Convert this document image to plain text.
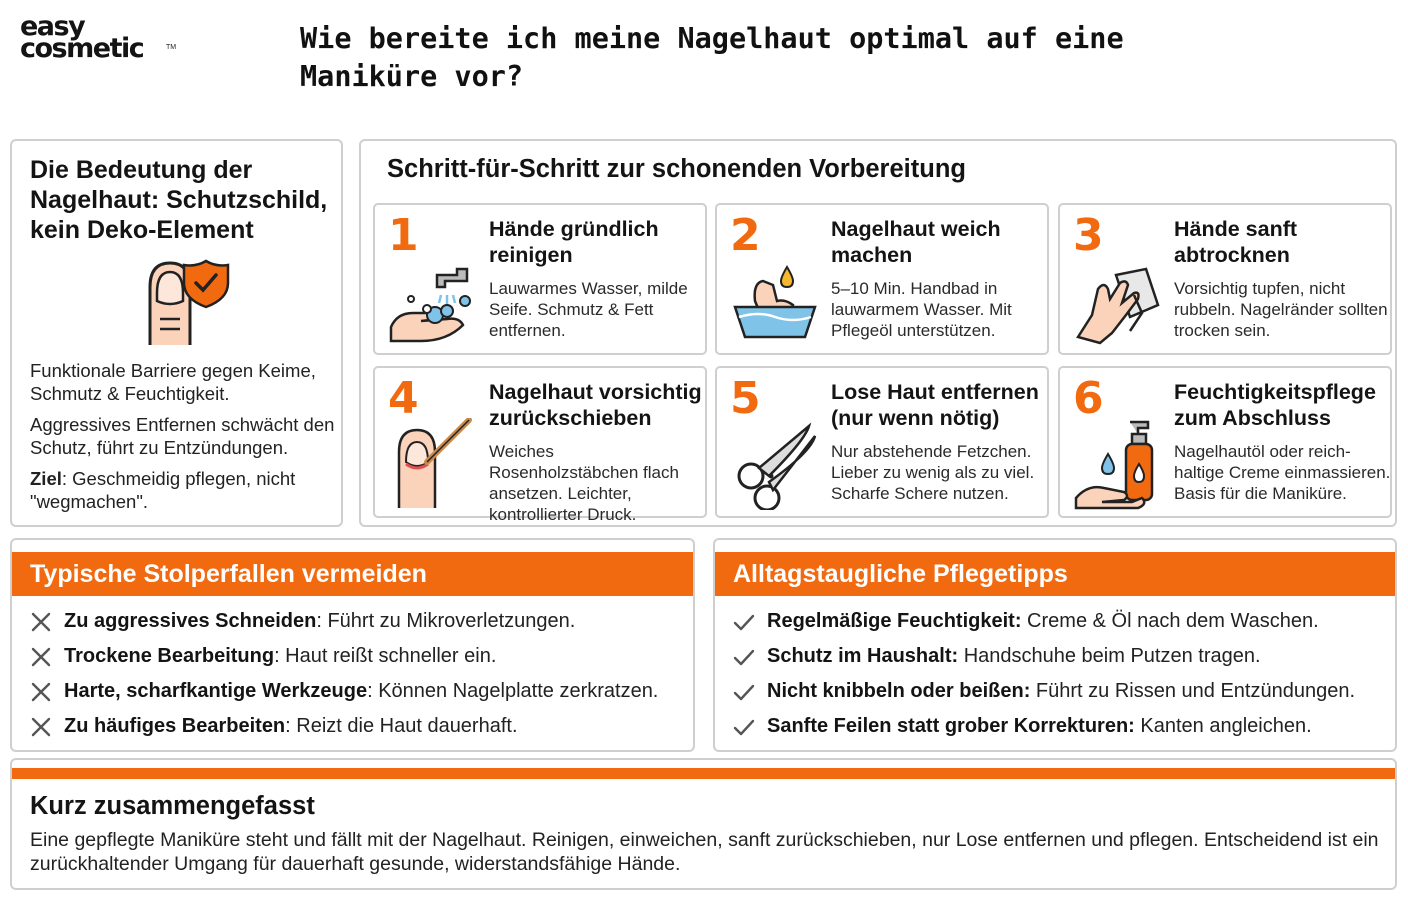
easy
cosmetic	TM	Wie bereite ich meine Nagelhaut optimal auf eine Maniküre vor?
Die Bedeutung der Nagelhaut: Schutzschild, kein Deko-Element

Funktionale Barriere gegen Keime, Schmutz & Feuchtigkeit.

Aggressives Entfernen schwächt den Schutz, führt zu Entzündungen.

Ziel: Geschmeidig pflegen, nicht "wegmachen".

Schritt-für-Schritt zur schonenden Vorbereitung
1	Hände gründlich reinigen

Lauwarmes Wasser, milde Seife. Schmutz & Fett entfernen.

2	Nagelhaut weich machen

5–10 Min. Handbad in lauwarmem Wasser. Mit Pflegeöl unterstützen.

3	Hände sanft abtrocknen

Vorsichtig tupfen, nicht rubbeln. Nagelränder sollten trocken sein.

4	Nagelhaut vorsichtig zurückschieben

Weiches Rosenholzstäbchen flach ansetzen. Leichter, kontrollierter Druck.

5	Lose Haut entfernen (nur wenn nötig)

Nur abstehende Fetzchen. Lieber zu wenig als zu viel. Scharfe Schere nutzen.

6	Feuchtigkeitspflege zum Abschluss

Nagelhautöl oder reich-haltige Creme einmassieren. Basis für die Maniküre.

Typische Stolperfallen vermeiden
Zu aggressives Schneiden: Führt zu Mikroverletzungen.
Trockene Bearbeitung: Haut reißt schneller ein.
Harte, scharfkantige Werkzeuge: Können Nagelplatte zerkratzen.
Zu häufiges Bearbeiten: Reizt die Haut dauerhaft.
Alltagstaugliche Pflegetipps
Regelmäßige Feuchtigkeit: Creme & Öl nach dem Waschen.
Schutz im Haushalt: Handschuhe beim Putzen tragen.
Nicht knibbeln oder beißen: Führt zu Rissen und Entzündungen.
Sanfte Feilen statt grober Korrekturen: Kanten angleichen.
Kurz zusammengefasst

Eine gepflegte Maniküre steht und fällt mit der Nagelhaut. Reinigen, einweichen, sanft zurückschieben, nur Lose entfernen und pflegen. Entscheidend ist ein zurückhaltender Umgang für dauerhaft gesunde, widerstandsfähige Hände.
